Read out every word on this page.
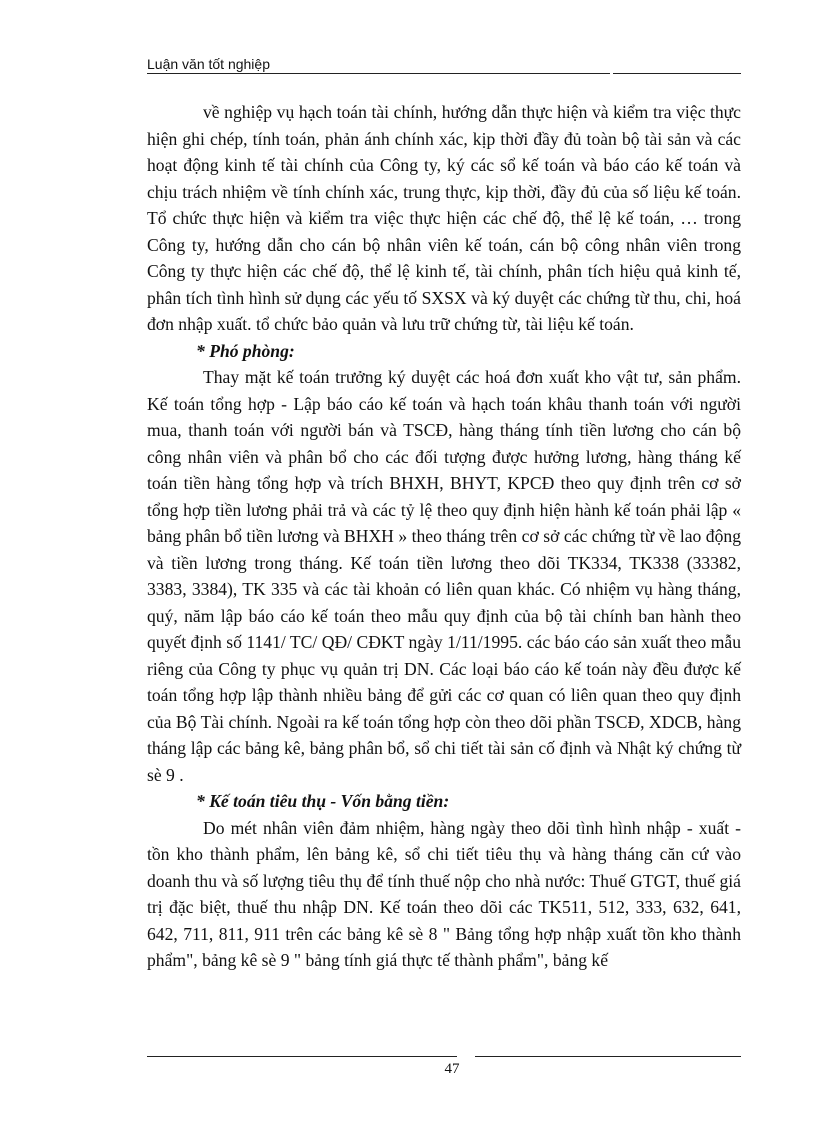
Luận văn tốt nghiệp

về nghiệp vụ hạch toán tài chính, hướng dẫn thực hiện và kiểm tra việc thực hiện ghi chép, tính toán, phản ánh chính xác, kịp thời đầy đủ toàn bộ tài sản và các hoạt động kinh tế tài chính của Công ty, ký các sổ kế toán và báo cáo kế toán và chịu trách nhiệm về tính chính xác, trung thực, kịp thời, đầy đủ của số liệu kế toán. Tổ chức thực hiện và kiểm tra việc thực hiện các chế độ, thể lệ kế toán, … trong Công ty, hướng dẫn cho cán bộ nhân viên kế toán, cán bộ công nhân viên trong Công ty thực hiện các chế độ, thể lệ kinh tế, tài chính, phân tích hiệu quả kinh tế, phân tích tình hình sử dụng các yếu tố SXSX và ký duyệt các chứng từ thu, chi, hoá đơn nhập xuất. tổ chức bảo quản và lưu trữ chứng từ, tài liệu kế toán.

* Phó phòng:

Thay mặt kế toán trưởng ký duyệt các hoá đơn xuất kho vật tư, sản phẩm. Kế toán tổng hợp - Lập báo cáo kế toán và hạch toán khâu thanh toán với người mua, thanh toán với người bán và TSCĐ, hàng tháng tính tiền lương cho cán bộ công nhân viên và phân bổ cho các đối tượng được hưởng lương, hàng tháng kế toán tiền hàng tổng hợp và trích BHXH, BHYT, KPCĐ theo quy định trên cơ sở tổng hợp tiền lương phải trả và các tỷ lệ theo quy định hiện hành kế toán phải lập « bảng phân bổ tiền lương và BHXH » theo tháng trên cơ sở các chứng từ về lao động và tiền lương trong tháng. Kế toán tiền lương theo dõi TK334, TK338 (33382, 3383, 3384), TK 335 và các tài khoản có liên quan khác. Có nhiệm vụ hàng tháng, quý, năm lập báo cáo kế toán theo mẫu quy định của bộ tài chính ban hành theo quyết định số 1141/ TC/ QĐ/ CĐKT ngày 1/11/1995. các báo cáo sản xuất theo mẫu riêng của Công ty phục vụ quản trị DN. Các loại báo cáo kế toán này đều được kế toán tổng hợp lập thành nhiều bảng để gửi các cơ quan có liên quan theo quy định của Bộ Tài chính. Ngoài ra kế toán tổng hợp còn theo dõi phần TSCĐ, XDCB, hàng tháng lập các bảng kê, bảng phân bổ, sổ chi tiết tài sản cố định và Nhật ký chứng từ sè 9 .

* Kế toán tiêu thụ - Vốn bằng tiền:

Do mét nhân viên đảm nhiệm, hàng ngày theo dõi tình hình nhập - xuất - tồn kho thành phẩm, lên bảng kê, sổ chi tiết tiêu thụ và hàng tháng căn cứ vào doanh thu và số lượng tiêu thụ để tính thuế nộp cho nhà nước: Thuế GTGT, thuế giá trị đặc biệt, thuế thu nhập DN. Kế toán theo dõi các TK511, 512, 333, 632, 641, 642, 711, 811, 911 trên các bảng kê sè 8 " Bảng tổng hợp nhập xuất tồn kho thành phẩm", bảng kê sè 9 " bảng tính giá thực tế thành phẩm", bảng kế

47
